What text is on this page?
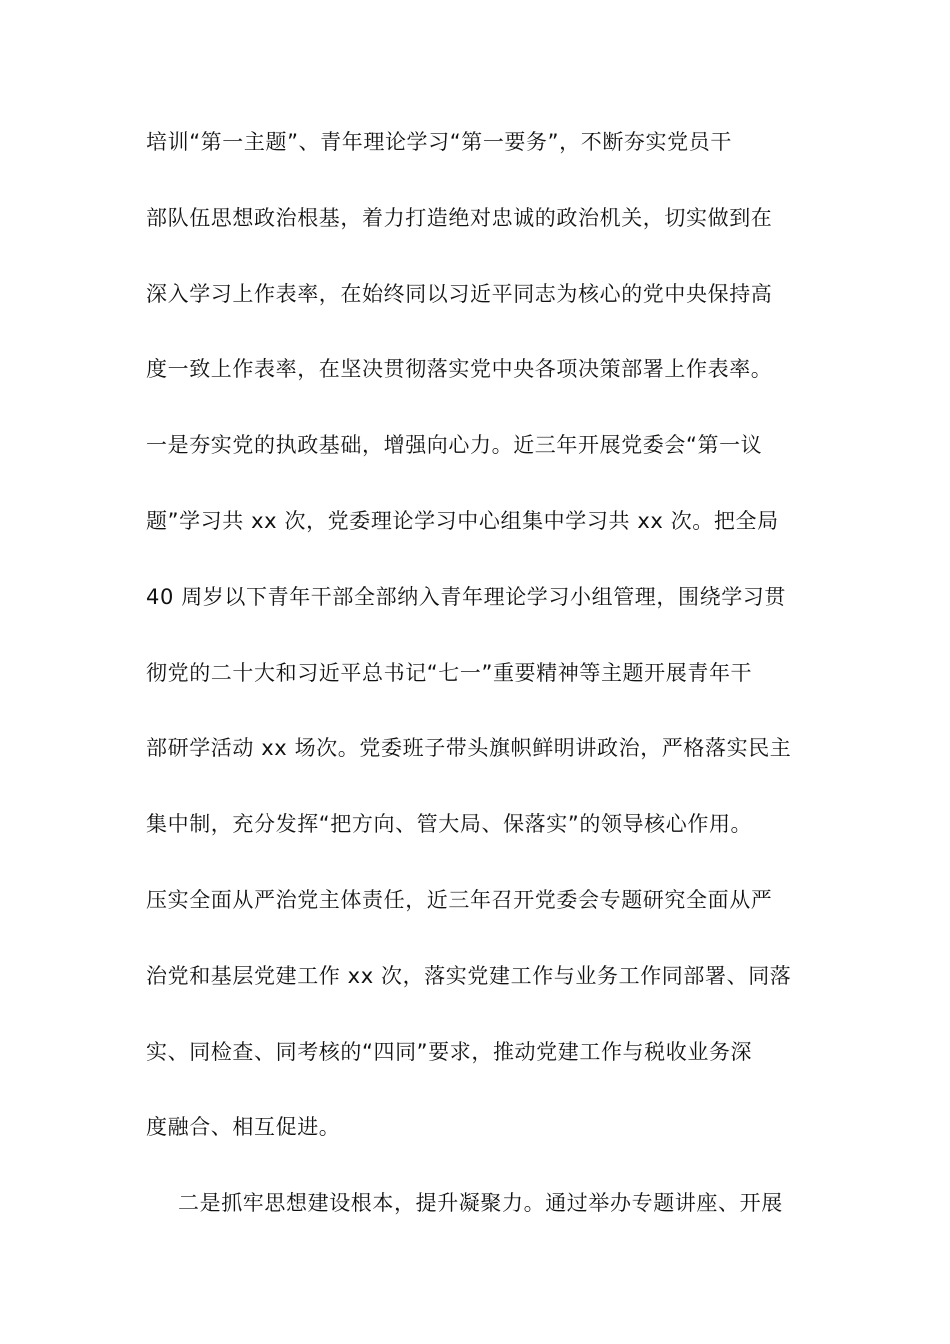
培训“第一主题”、青年理论学习“第一要务”，不断夯实党员干
部队伍思想政治根基，着力打造绝对忠诚的政治机关，切实做到在
深入学习上作表率，在始终同以习近平同志为核心的党中央保持高
度一致上作表率，在坚决贯彻落实党中央各项决策部署上作表率。
一是夯实党的执政基础，增强向心力。近三年开展党委会“第一议
题”学习共 xx 次，党委理论学习中心组集中学习共 xx 次。把全局
40 周岁以下青年干部全部纳入青年理论学习小组管理，围绕学习贯
彻党的二十大和习近平总书记“七一”重要精神等主题开展青年干
部研学活动 xx 场次。党委班子带头旗帜鲜明讲政治，严格落实民主
集中制，充分发挥“把方向、管大局、保落实”的领导核心作用。
压实全面从严治党主体责任，近三年召开党委会专题研究全面从严
治党和基层党建工作 xx 次，落实党建工作与业务工作同部署、同落
实、同检查、同考核的“四同”要求，推动党建工作与税收业务深
度融合、相互促进。
二是抓牢思想建设根本，提升凝聚力。通过举办专题讲座、开展
